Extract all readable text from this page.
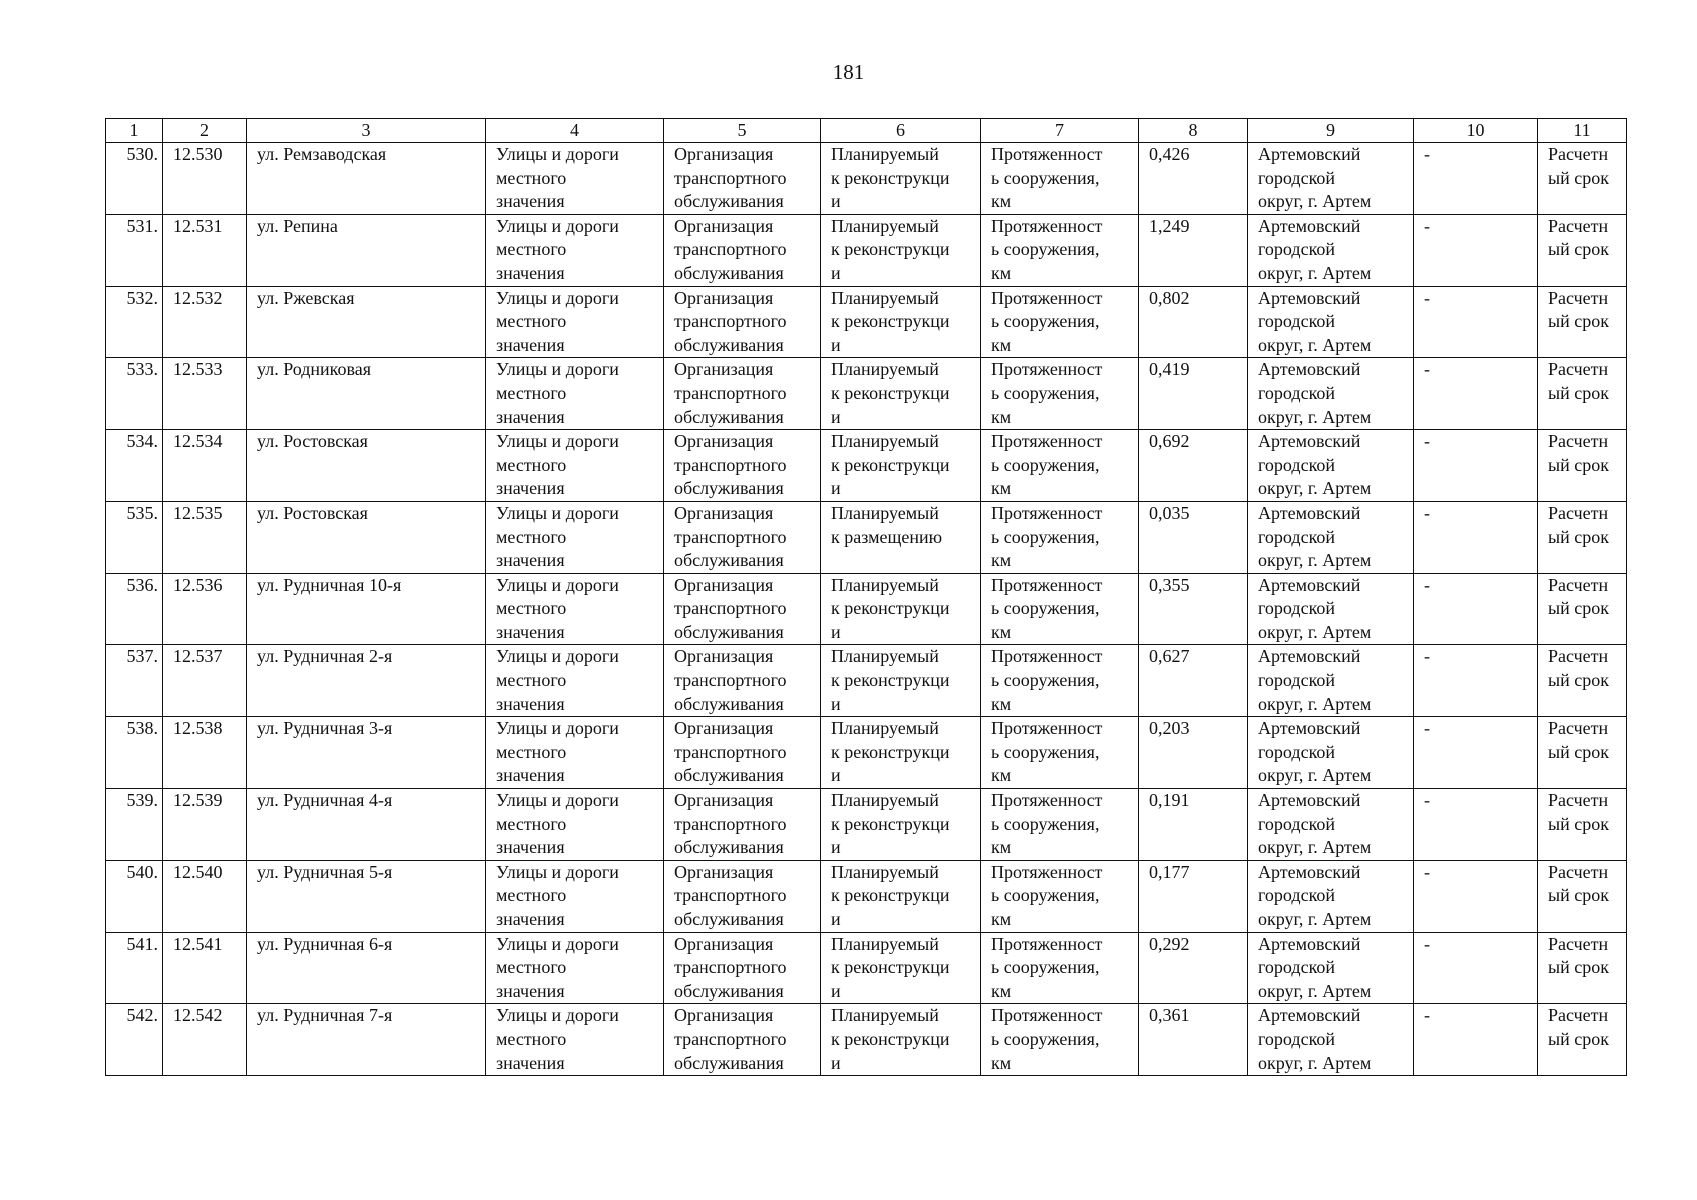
181
1	2	3	4	5	6	7	8	9	10	11
530.	12.530	ул. Ремзаводская	Улицы и дороги
местного
значения	Организация
транспортного
обслуживания	Планируемый
к реконструкци
и	Протяженност
ь сооружения,
км	0,426	Артемовский
городской
округ, г. Артем	-	Расчетн
ый срок
531.	12.531	ул. Репина	Улицы и дороги
местного
значения	Организация
транспортного
обслуживания	Планируемый
к реконструкци
и	Протяженност
ь сооружения,
км	1,249	Артемовский
городской
округ, г. Артем	-	Расчетн
ый срок
532.	12.532	ул. Ржевская	Улицы и дороги
местного
значения	Организация
транспортного
обслуживания	Планируемый
к реконструкци
и	Протяженност
ь сооружения,
км	0,802	Артемовский
городской
округ, г. Артем	-	Расчетн
ый срок
533.	12.533	ул. Родниковая	Улицы и дороги
местного
значения	Организация
транспортного
обслуживания	Планируемый
к реконструкци
и	Протяженност
ь сооружения,
км	0,419	Артемовский
городской
округ, г. Артем	-	Расчетн
ый срок
534.	12.534	ул. Ростовская	Улицы и дороги
местного
значения	Организация
транспортного
обслуживания	Планируемый
к реконструкци
и	Протяженност
ь сооружения,
км	0,692	Артемовский
городской
округ, г. Артем	-	Расчетн
ый срок
535.	12.535	ул. Ростовская	Улицы и дороги
местного
значения	Организация
транспортного
обслуживания	Планируемый
к размещению	Протяженност
ь сооружения,
км	0,035	Артемовский
городской
округ, г. Артем	-	Расчетн
ый срок
536.	12.536	ул. Рудничная 10-я	Улицы и дороги
местного
значения	Организация
транспортного
обслуживания	Планируемый
к реконструкци
и	Протяженност
ь сооружения,
км	0,355	Артемовский
городской
округ, г. Артем	-	Расчетн
ый срок
537.	12.537	ул. Рудничная 2-я	Улицы и дороги
местного
значения	Организация
транспортного
обслуживания	Планируемый
к реконструкци
и	Протяженност
ь сооружения,
км	0,627	Артемовский
городской
округ, г. Артем	-	Расчетн
ый срок
538.	12.538	ул. Рудничная 3-я	Улицы и дороги
местного
значения	Организация
транспортного
обслуживания	Планируемый
к реконструкци
и	Протяженност
ь сооружения,
км	0,203	Артемовский
городской
округ, г. Артем	-	Расчетн
ый срок
539.	12.539	ул. Рудничная 4-я	Улицы и дороги
местного
значения	Организация
транспортного
обслуживания	Планируемый
к реконструкци
и	Протяженност
ь сооружения,
км	0,191	Артемовский
городской
округ, г. Артем	-	Расчетн
ый срок
540.	12.540	ул. Рудничная 5-я	Улицы и дороги
местного
значения	Организация
транспортного
обслуживания	Планируемый
к реконструкци
и	Протяженност
ь сооружения,
км	0,177	Артемовский
городской
округ, г. Артем	-	Расчетн
ый срок
541.	12.541	ул. Рудничная 6-я	Улицы и дороги
местного
значения	Организация
транспортного
обслуживания	Планируемый
к реконструкци
и	Протяженност
ь сооружения,
км	0,292	Артемовский
городской
округ, г. Артем	-	Расчетн
ый срок
542.	12.542	ул. Рудничная 7-я	Улицы и дороги
местного
значения	Организация
транспортного
обслуживания	Планируемый
к реконструкци
и	Протяженност
ь сооружения,
км	0,361	Артемовский
городской
округ, г. Артем	-	Расчетн
ый срок
